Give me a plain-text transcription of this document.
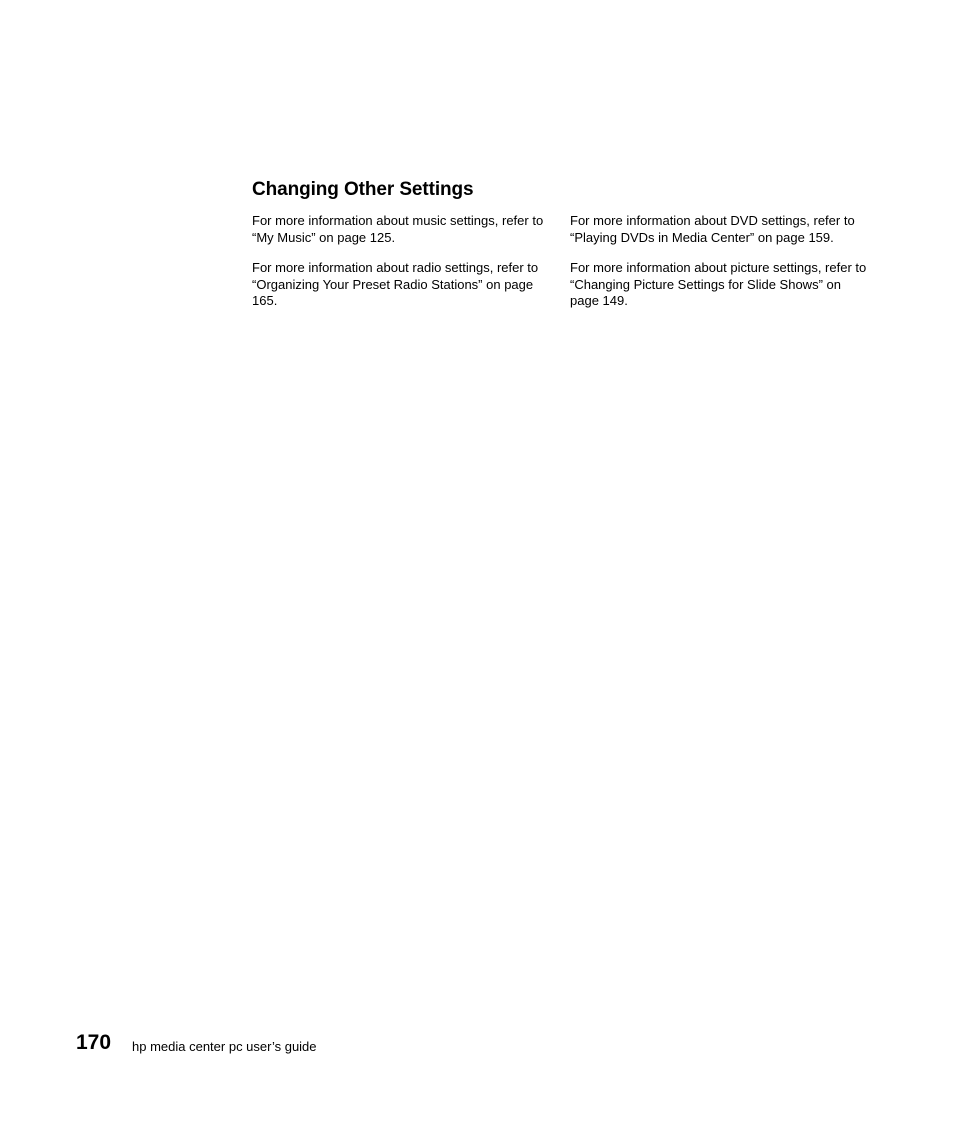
Changing Other Settings

For more information about music settings, refer to “My Music” on page 125.

For more information about radio settings, refer to “Organizing Your Preset Radio Stations” on page 165.

For more information about DVD settings, refer to “Playing DVDs in Media Center” on page 159.

For more information about picture settings, refer to “Changing Picture Settings for Slide Shows” on page 149.

170 hp media center pc user’s guide
